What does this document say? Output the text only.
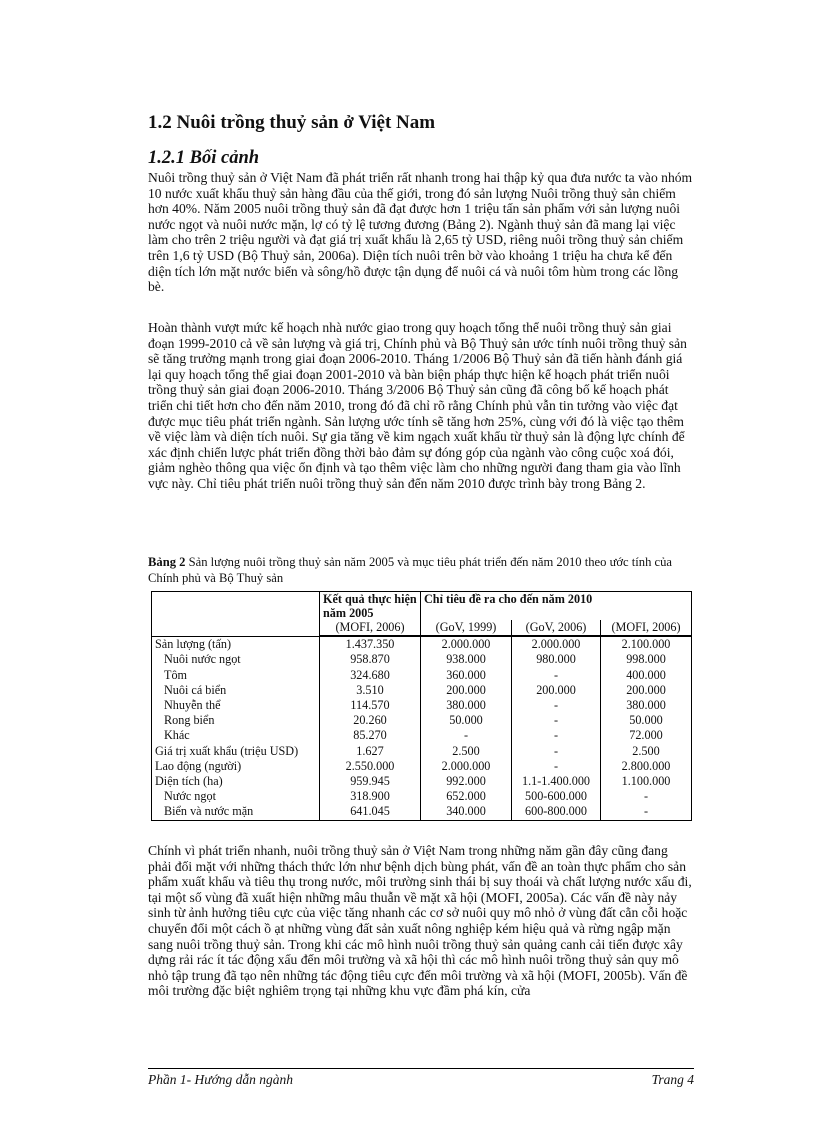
1.2 Nuôi trồng thuỷ sản ở Việt Nam
1.2.1 Bối cảnh

Nuôi trồng thuỷ sản ở Việt Nam đã phát triển rất nhanh trong hai thập kỷ qua đưa nước ta vào nhóm 10 nước xuất khẩu thuỷ sản hàng đầu của thế giới, trong đó sản lượng Nuôi trồng thuỷ sản chiếm hơn 40%. Năm 2005 nuôi trồng thuỷ sản đã đạt được hơn 1 triệu tấn sản phẩm với sản lượng nuôi nước ngọt và nuôi nước mặn, lợ có tỷ lệ tương đương (Bảng 2). Ngành thuỷ sản đã mang lại việc làm cho trên 2 triệu người và đạt giá trị xuất khẩu là 2,65 tỷ USD, riêng nuôi trồng thuỷ sản chiếm trên 1,6 tỷ USD (Bộ Thuỷ sản, 2006a). Diện tích nuôi trên bờ vào khoảng 1 triệu ha chưa kể đến diện tích lớn mặt nước biển và sông/hồ được tận dụng để nuôi cá và nuôi tôm hùm trong các lồng bè.

Hoàn thành vượt mức kế hoạch nhà nước giao trong quy hoạch tổng thể nuôi trồng thuỷ sản giai đoạn 1999-2010 cả về sản lượng và giá trị, Chính phủ và Bộ Thuỷ sản ước tính nuôi trồng thuỷ sản sẽ tăng trưởng mạnh trong giai đoạn 2006-2010. Tháng 1/2006 Bộ Thuỷ sản đã tiến hành đánh giá lại quy hoạch tổng thể giai đoạn 2001-2010 và bàn biện pháp thực hiện kế hoạch phát triển nuôi trồng thuỷ sản giai đoạn 2006-2010. Tháng 3/2006 Bộ Thuỷ sản cũng đã công bố kế hoạch phát triển chi tiết hơn cho đến năm 2010, trong đó đã chỉ rõ rằng Chính phủ vẫn tin tưởng vào việc đạt được mục tiêu phát triển ngành. Sản lượng ước tính sẽ tăng hơn 25%, cùng với đó là việc tạo thêm về việc làm và diện tích nuôi. Sự gia tăng về kim ngạch xuất khẩu từ thuỷ sản là động lực chính để xác định chiến lược phát triển đồng thời bảo đảm sự đóng góp của ngành vào công cuộc xoá đói, giảm nghèo thông qua việc ổn định và tạo thêm việc làm cho những người đang tham gia vào lĩnh vực này. Chỉ tiêu phát triển nuôi trồng thuỷ sản đến năm 2010 được trình bày trong Bảng 2.

Bảng 2 Sản lượng nuôi trồng thuỷ sản năm 2005 và mục tiêu phát triển đến năm 2010 theo ước tính của Chính phủ và Bộ Thuỷ sản

	Kết quả thực hiện năm 2005	Chỉ tiêu đề ra cho đến năm 2010		
	(MOFI, 2006)	(GoV, 1999)	(GoV, 2006)	(MOFI, 2006)
Sản lượng (tấn)	1.437.350	2.000.000	2.000.000	2.100.000
Nuôi nước ngọt	958.870	938.000	980.000	998.000
Tôm	324.680	360.000	-	400.000
Nuôi cá biển	3.510	200.000	200.000	200.000
Nhuyễn thể	114.570	380.000	-	380.000
Rong biển	20.260	50.000	-	50.000
Khác	85.270	-	-	72.000
Giá trị xuất khẩu (triệu USD)	1.627	2.500	-	2.500
Lao động (người)	2.550.000	2.000.000	-	2.800.000
Diện tích (ha)	959.945	992.000	1.1-1.400.000	1.100.000
Nước ngọt	318.900	652.000	500-600.000	-
Biển và nước mặn	641.045	340.000	600-800.000	-

Chính vì phát triển nhanh, nuôi trồng thuỷ sản ở Việt Nam trong những năm gần đây cũng đang phải đối mặt với những thách thức lớn như bệnh dịch bùng phát, vấn đề an toàn thực phẩm cho sản phẩm xuất khẩu và tiêu thụ trong nước, môi trường sinh thái bị suy thoái và chất lượng nước xấu đi, tại một số vùng đã xuất hiện những mâu thuẫn về mặt xã hội (MOFI, 2005a). Các vấn đề này nảy sinh từ ảnh hưởng tiêu cực của việc tăng nhanh các cơ sở nuôi quy mô nhỏ ở vùng đất cằn cỗi hoặc chuyển đổi một cách ồ ạt những vùng đất sản xuất nông nghiệp kém hiệu quả và rừng ngập mặn sang nuôi trồng thuỷ sản. Trong khi các mô hình nuôi trồng thuỷ sản quảng canh cải tiến được xây dựng rải rác ít tác động xấu đến môi trường và xã hội thì các mô hình nuôi trồng thuỷ sản quy mô nhỏ tập trung đã tạo nên những tác động tiêu cực đến môi trường và xã hội (MOFI, 2005b). Vấn đề môi trường đặc biệt nghiêm trọng tại những khu vực đầm phá kín, cửa

Phần 1- Hướng dẫn ngành	Trang 4
